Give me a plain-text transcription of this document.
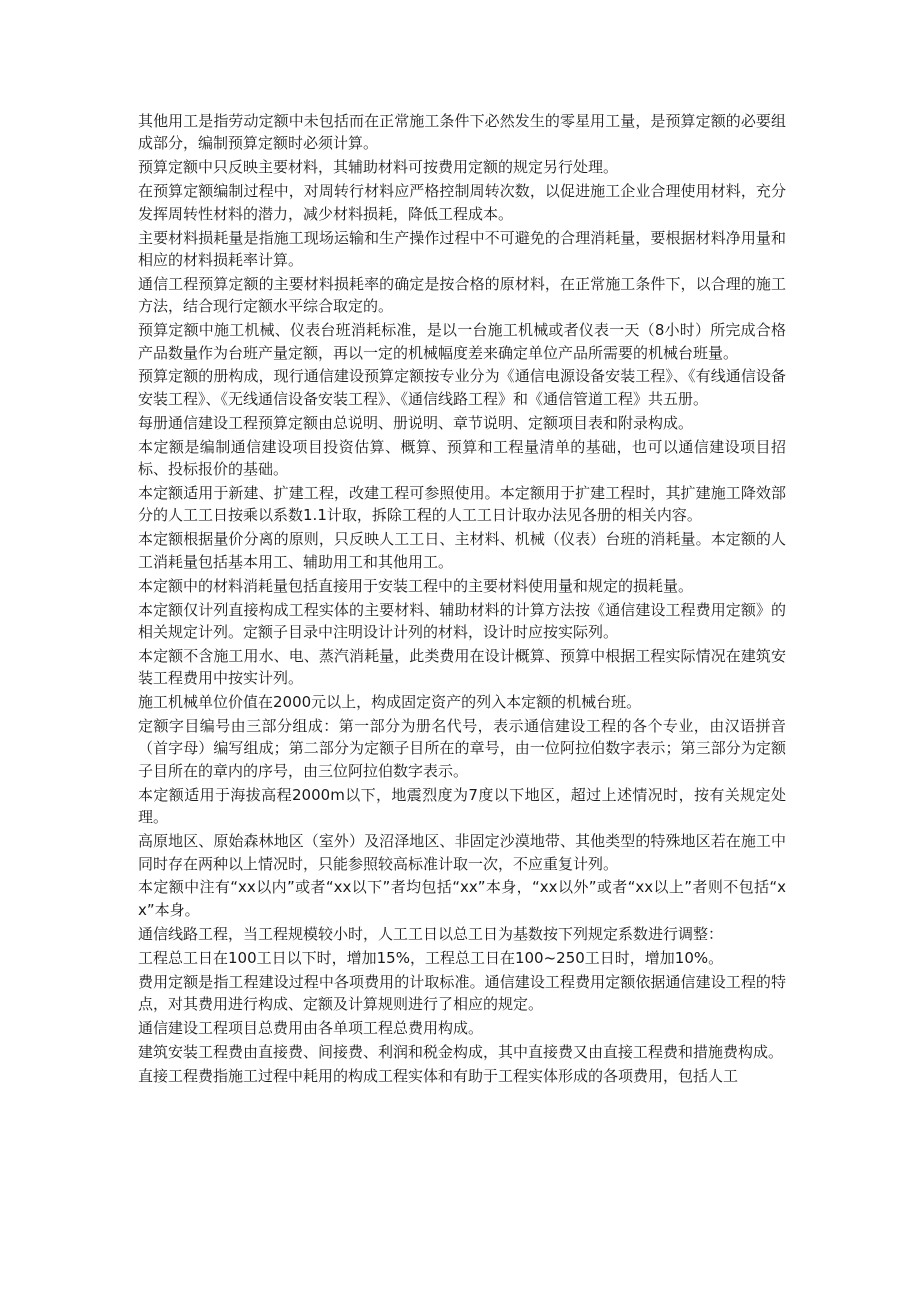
其他用工是指劳动定额中未包括而在正常施工条件下必然发生的零星用工量，是预算定额的必要组成部分，编制预算定额时必须计算。

预算定额中只反映主要材料，其辅助材料可按费用定额的规定另行处理。

在预算定额编制过程中，对周转行材料应严格控制周转次数，以促进施工企业合理使用材料，充分发挥周转性材料的潜力，减少材料损耗，降低工程成本。

主要材料损耗量是指施工现场运输和生产操作过程中不可避免的合理消耗量，要根据材料净用量和相应的材料损耗率计算。

通信工程预算定额的主要材料损耗率的确定是按合格的原材料，在正常施工条件下，以合理的施工方法，结合现行定额水平综合取定的。

预算定额中施工机械、仪表台班消耗标准，是以一台施工机械或者仪表一天（8小时）所完成合格产品数量作为台班产量定额，再以一定的机械幅度差来确定单位产品所需要的机械台班量。

预算定额的册构成，现行通信建设预算定额按专业分为《通信电源设备安装工程》、《有线通信设备安装工程》、《无线通信设备安装工程》、《通信线路工程》和《通信管道工程》共五册。

每册通信建设工程预算定额由总说明、册说明、章节说明、定额项目表和附录构成。

本定额是编制通信建设项目投资估算、概算、预算和工程量清单的基础，也可以通信建设项目招标、投标报价的基础。

本定额适用于新建、扩建工程，改建工程可参照使用。本定额用于扩建工程时，其扩建施工降效部分的人工工日按乘以系数1.1计取，拆除工程的人工工日计取办法见各册的相关内容。

本定额根据量价分离的原则，只反映人工工日、主材料、机械（仪表）台班的消耗量。本定额的人工消耗量包括基本用工、辅助用工和其他用工。

本定额中的材料消耗量包括直接用于安装工程中的主要材料使用量和规定的损耗量。

本定额仅计列直接构成工程实体的主要材料、辅助材料的计算方法按《通信建设工程费用定额》的相关规定计列。定额子目录中注明设计计列的材料，设计时应按实际列。

本定额不含施工用水、电、蒸汽消耗量，此类费用在设计概算、预算中根据工程实际情况在建筑安装工程费用中按实计列。

施工机械单位价值在2000元以上，构成固定资产的列入本定额的机械台班。

定额字目编号由三部分组成：第一部分为册名代号，表示通信建设工程的各个专业，由汉语拼音（首字母）编写组成；第二部分为定额子目所在的章号，由一位阿拉伯数字表示；第三部分为定额子目所在的章内的序号，由三位阿拉伯数字表示。

本定额适用于海拔高程2000m以下，地震烈度为7度以下地区，超过上述情况时，按有关规定处理。

高原地区、原始森林地区（室外）及沼泽地区、非固定沙漠地带、其他类型的特殊地区若在施工中同时存在两种以上情况时，只能参照较高标准计取一次，不应重复计列。

本定额中注有“xx以内”或者“xx以下”者均包括“xx”本身，“xx以外”或者“xx以上”者则不包括“xx”本身。

通信线路工程，当工程规模较小时，人工工日以总工日为基数按下列规定系数进行调整：

工程总工日在100工日以下时，增加15%，工程总工日在100~250工日时，增加10%。

费用定额是指工程建设过程中各项费用的计取标准。通信建设工程费用定额依据通信建设工程的特点，对其费用进行构成、定额及计算规则进行了相应的规定。

通信建设工程项目总费用由各单项工程总费用构成。

建筑安装工程费由直接费、间接费、利润和税金构成，其中直接费又由直接工程费和措施费构成。

直接工程费指施工过程中耗用的构成工程实体和有助于工程实体形成的各项费用，包括人工
